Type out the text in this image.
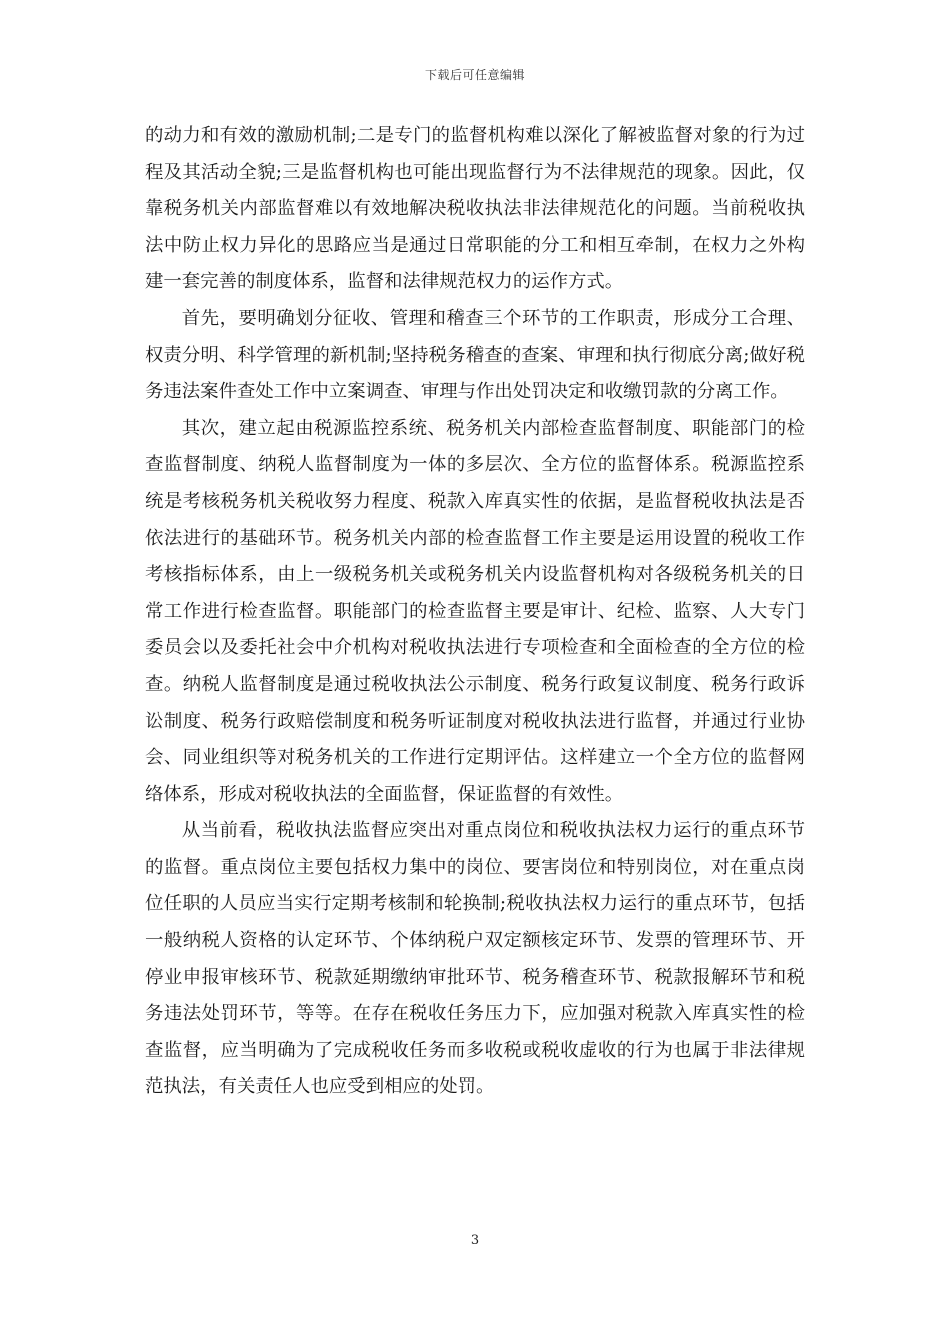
下载后可任意编辑

的动力和有效的激励机制;二是专门的监督机构难以深化了解被监督对象的行为过程及其活动全貌;三是监督机构也可能出现监督行为不法律规范的现象。因此，仅靠税务机关内部监督难以有效地解决税收执法非法律规范化的问题。当前税收执法中防止权力异化的思路应当是通过日常职能的分工和相互牵制，在权力之外构建一套完善的制度体系，监督和法律规范权力的运作方式。

首先，要明确划分征收、管理和稽查三个环节的工作职责，形成分工合理、权责分明、科学管理的新机制;坚持税务稽查的查案、审理和执行彻底分离;做好税务违法案件查处工作中立案调查、审理与作出处罚决定和收缴罚款的分离工作。

其次，建立起由税源监控系统、税务机关内部检查监督制度、职能部门的检查监督制度、纳税人监督制度为一体的多层次、全方位的监督体系。税源监控系统是考核税务机关税收努力程度、税款入库真实性的依据，是监督税收执法是否依法进行的基础环节。税务机关内部的检查监督工作主要是运用设置的税收工作考核指标体系，由上一级税务机关或税务机关内设监督机构对各级税务机关的日常工作进行检查监督。职能部门的检查监督主要是审计、纪检、监察、人大专门委员会以及委托社会中介机构对税收执法进行专项检查和全面检查的全方位的检查。纳税人监督制度是通过税收执法公示制度、税务行政复议制度、税务行政诉讼制度、税务行政赔偿制度和税务听证制度对税收执法进行监督，并通过行业协会、同业组织等对税务机关的工作进行定期评估。这样建立一个全方位的监督网络体系，形成对税收执法的全面监督，保证监督的有效性。

从当前看，税收执法监督应突出对重点岗位和税收执法权力运行的重点环节的监督。重点岗位主要包括权力集中的岗位、要害岗位和特别岗位，对在重点岗位任职的人员应当实行定期考核制和轮换制;税收执法权力运行的重点环节，包括一般纳税人资格的认定环节、个体纳税户双定额核定环节、发票的管理环节、开停业申报审核环节、税款延期缴纳审批环节、税务稽查环节、税款报解环节和税务违法处罚环节，等等。在存在税收任务压力下，应加强对税款入库真实性的检查监督，应当明确为了完成税收任务而多收税或税收虚收的行为也属于非法律规范执法，有关责任人也应受到相应的处罚。

3
